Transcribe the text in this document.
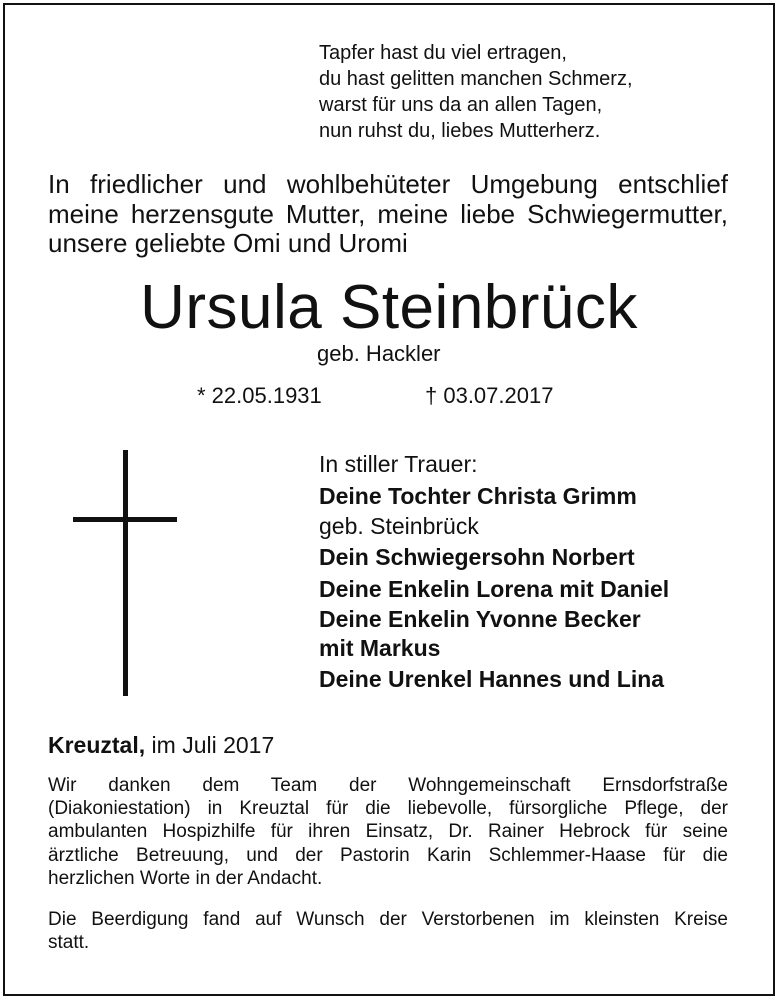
Tapfer hast du viel ertragen,
du hast gelitten manchen Schmerz,
warst für uns da an allen Tagen,
nun ruhst du, liebes Mutterherz.
In friedlicher und wohlbehüteter Umgebung entschlief
meine herzensgute Mutter, meine liebe Schwiegermutter,
unsere geliebte Omi und Uromi
Ursula Steinbrück
geb. Hackler
* 22.05.1931	† 03.07.2017
In stiller Trauer:
Deine Tochter Christa Grimm
geb. Steinbrück
Dein Schwiegersohn Norbert
Deine Enkelin Lorena mit Daniel
Deine Enkelin Yvonne Becker
mit Markus
Deine Urenkel Hannes und Lina
Kreuztal, im Juli 2017
Wir danken dem Team der Wohngemeinschaft Ernsdorfstraße
(Diakoniestation) in Kreuztal für die liebevolle, fürsorgliche Pflege, der
ambulanten Hospizhilfe für ihren Einsatz, Dr. Rainer Hebrock für seine
ärztliche Betreuung, und der Pastorin Karin Schlemmer-Haase für die
herzlichen Worte in der Andacht.
Die Beerdigung fand auf Wunsch der Verstorbenen im kleinsten Kreise
statt.
